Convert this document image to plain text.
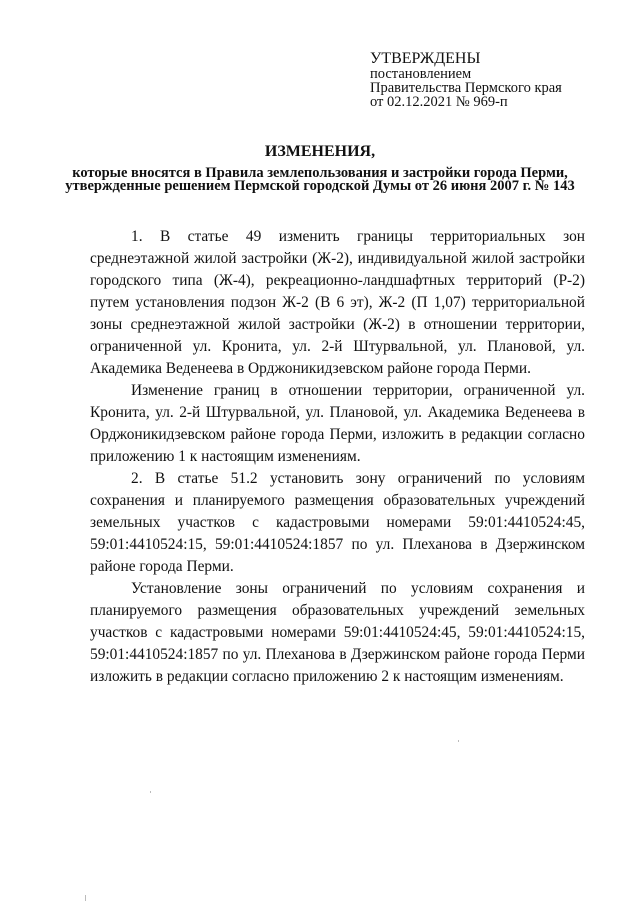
УТВЕРЖДЕНЫ
постановлением
Правительства Пермского края
от 02.12.2021 № 969-п
ИЗМЕНЕНИЯ,
которые вносятся в Правила землепользования и застройки города Перми, утвержденные решением Пермской городской Думы от 26 июня 2007 г. № 143

1. В статье 49 изменить границы территориальных зон среднеэтажной жилой застройки (Ж-2), индивидуальной жилой застройки городского типа (Ж-4), рекреационно-ландшафтных территорий (Р-2) путем установления подзон Ж-2 (В 6 эт), Ж-2 (П 1,07) территориальной зоны среднеэтажной жилой застройки (Ж-2) в отношении территории, ограниченной ул. Кронита, ул. 2-й Штурвальной, ул. Плановой, ул. Академика Веденеева в Орджоникидзевском районе города Перми.

Изменение границ в отношении территории, ограниченной ул. Кронита, ул. 2-й Штурвальной, ул. Плановой, ул. Академика Веденеева в Орджоникидзевском районе города Перми, изложить в редакции согласно приложению 1 к настоящим изменениям.

2. В статье 51.2 установить зону ограничений по условиям сохранения и планируемого размещения образовательных учреждений земельных участков с кадастровыми номерами 59:01:4410524:45, 59:01:4410524:15, 59:01:4410524:1857 по ул. Плеханова в Дзержинском районе города Перми.

Установление зоны ограничений по условиям сохранения и планируемого размещения образовательных учреждений земельных участков с кадастровыми номерами 59:01:4410524:45, 59:01:4410524:15, 59:01:4410524:1857 по ул. Плеханова в Дзержинском районе города Перми изложить в редакции согласно приложению 2 к настоящим изменениям.
